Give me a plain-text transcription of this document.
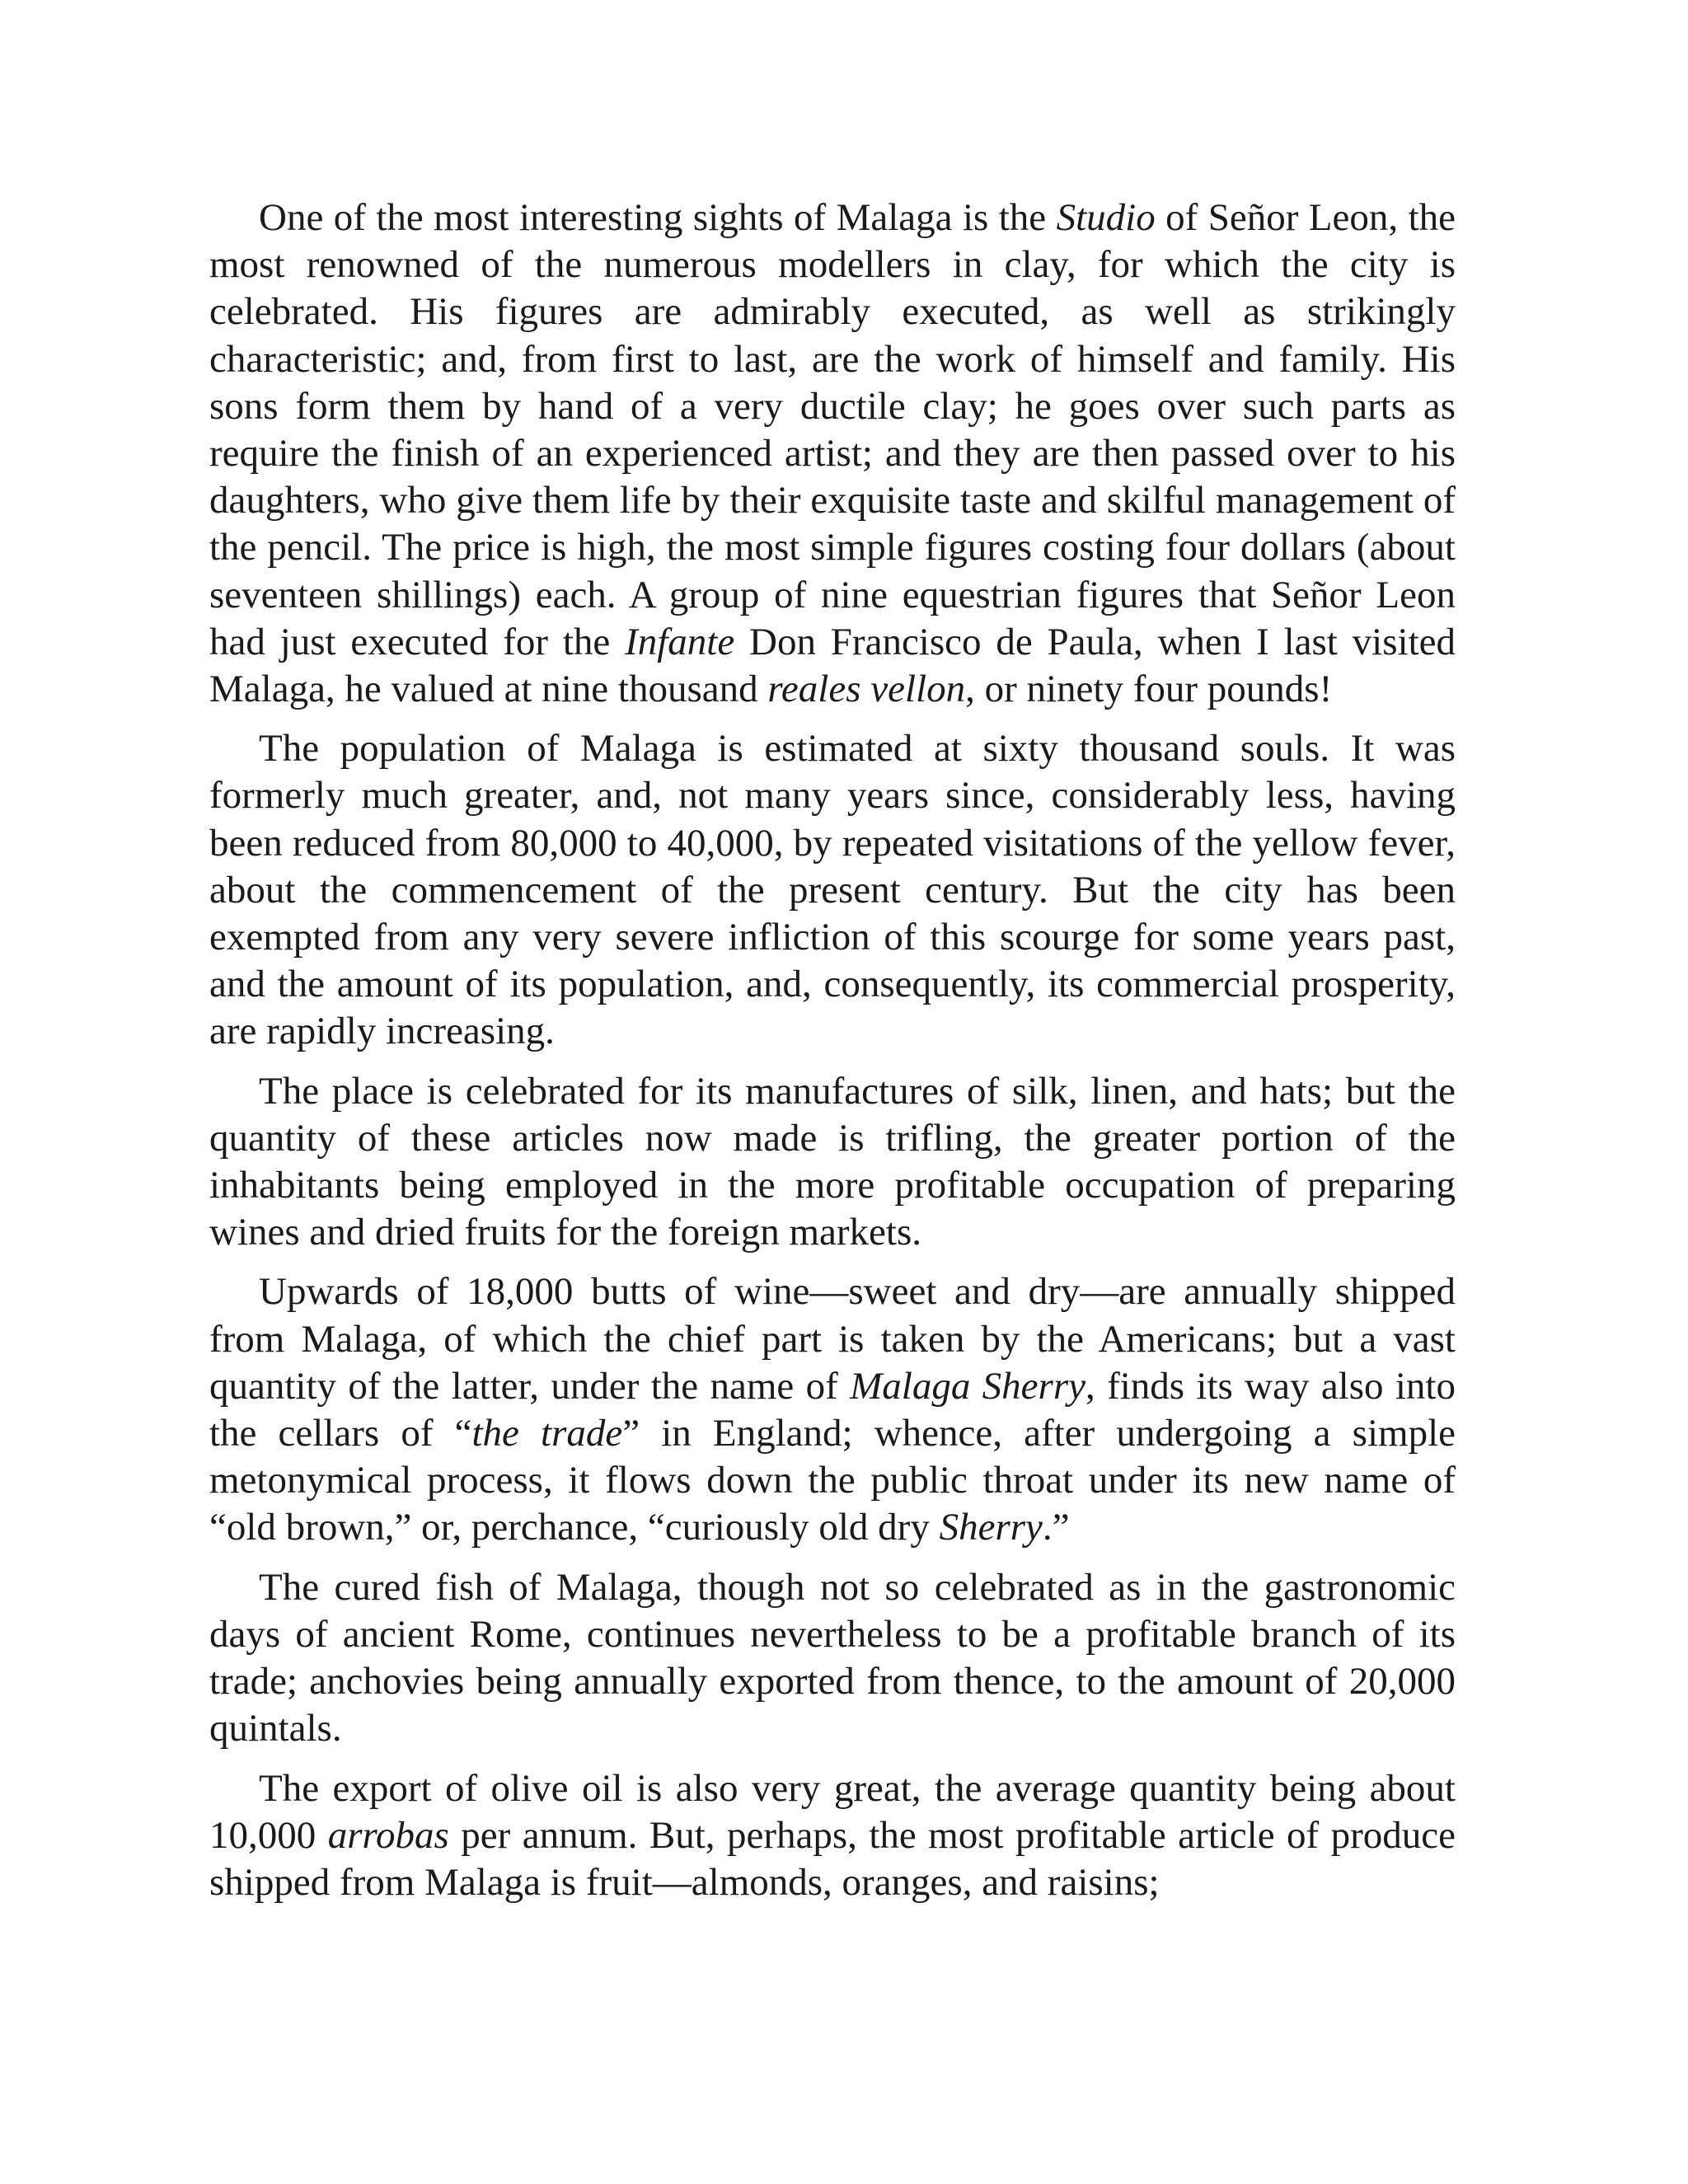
One of the most interesting sights of Malaga is the Studio of Señor Leon, the most renowned of the numerous modellers in clay, for which the city is celebrated. His figures are admirably executed, as well as strikingly characteristic; and, from first to last, are the work of himself and family. His sons form them by hand of a very ductile clay; he goes over such parts as require the finish of an experienced artist; and they are then passed over to his daughters, who give them life by their exquisite taste and skilful management of the pencil. The price is high, the most simple figures costing four dollars (about seventeen shillings) each. A group of nine equestrian figures that Señor Leon had just executed for the Infante Don Francisco de Paula, when I last visited Malaga, he valued at nine thousand reales vellon, or ninety four pounds!

The population of Malaga is estimated at sixty thousand souls. It was formerly much greater, and, not many years since, considerably less, having been reduced from 80,000 to 40,000, by repeated visitations of the yellow fever, about the commencement of the present century. But the city has been exempted from any very severe infliction of this scourge for some years past, and the amount of its population, and, consequently, its commercial prosperity, are rapidly increasing.

The place is celebrated for its manufactures of silk, linen, and hats; but the quantity of these articles now made is trifling, the greater portion of the inhabitants being employed in the more profitable occupation of preparing wines and dried fruits for the foreign markets.

Upwards of 18,000 butts of wine—sweet and dry—are annually shipped from Malaga, of which the chief part is taken by the Americans; but a vast quantity of the latter, under the name of Malaga Sherry, finds its way also into the cellars of “the trade” in England; whence, after undergoing a simple metonymical process, it flows down the public throat under its new name of “old brown,” or, perchance, “curiously old dry Sherry.”

The cured fish of Malaga, though not so celebrated as in the gastronomic days of ancient Rome, continues nevertheless to be a profitable branch of its trade; anchovies being annually exported from thence, to the amount of 20,000 quintals.

The export of olive oil is also very great, the average quantity being about 10,000 arrobas per annum. But, perhaps, the most profitable article of produce shipped from Malaga is fruit—almonds, oranges, and raisins;
